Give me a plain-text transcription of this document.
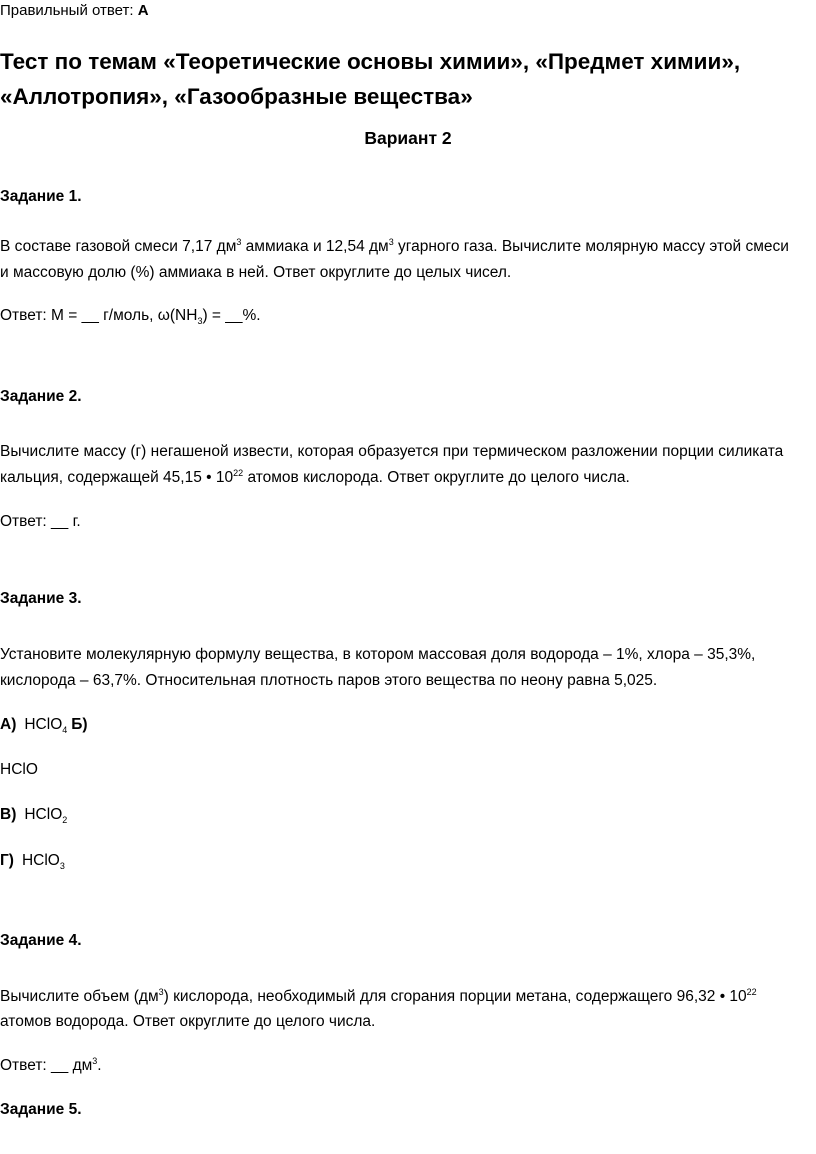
Правильный ответ: А
Тест по темам «Теоретические основы химии», «Предмет химии»,
«Аллотропия», «Газообразные вещества»
Вариант 2
Задание 1.
В составе газовой смеси 7,17 $дм^3$ аммиака и 12,54 $дм^3$ угарного газа. Вычислите молярную массу этой смеси
и массовую долю (%) аммиака в ней. Ответ округлите до целых чисел.
Ответ: M = __ г/моль, $\omega(NH_3)$ = __%.
Задание 2.
Вычислите массу (г) негашеной извести, которая образуется при термическом разложении порции силиката
кальция, содержащей 45,15 • $10^{22}$ атомов кислорода. Ответ округлите до целого числа.
Ответ: __ г.
Задание 3.
Установите молекулярную формулу вещества, в котором массовая доля водорода – 1%, хлора – 35,3%,
кислорода – 63,7%. Относительная плотность паров этого вещества по неону равна 5,025.
А) HClO$_4$ Б)
HClO
В) HClO$_2$
Г) HClO$_3$
Задание 4.
Вычислите объем $(дм^3)$ кислорода, необходимый для сгорания порции метана, содержащего 96,32 • $10^{22}$
атомов водорода. Ответ округлите до целого числа.
Ответ: __ $дм^3$.
Задание 5.
